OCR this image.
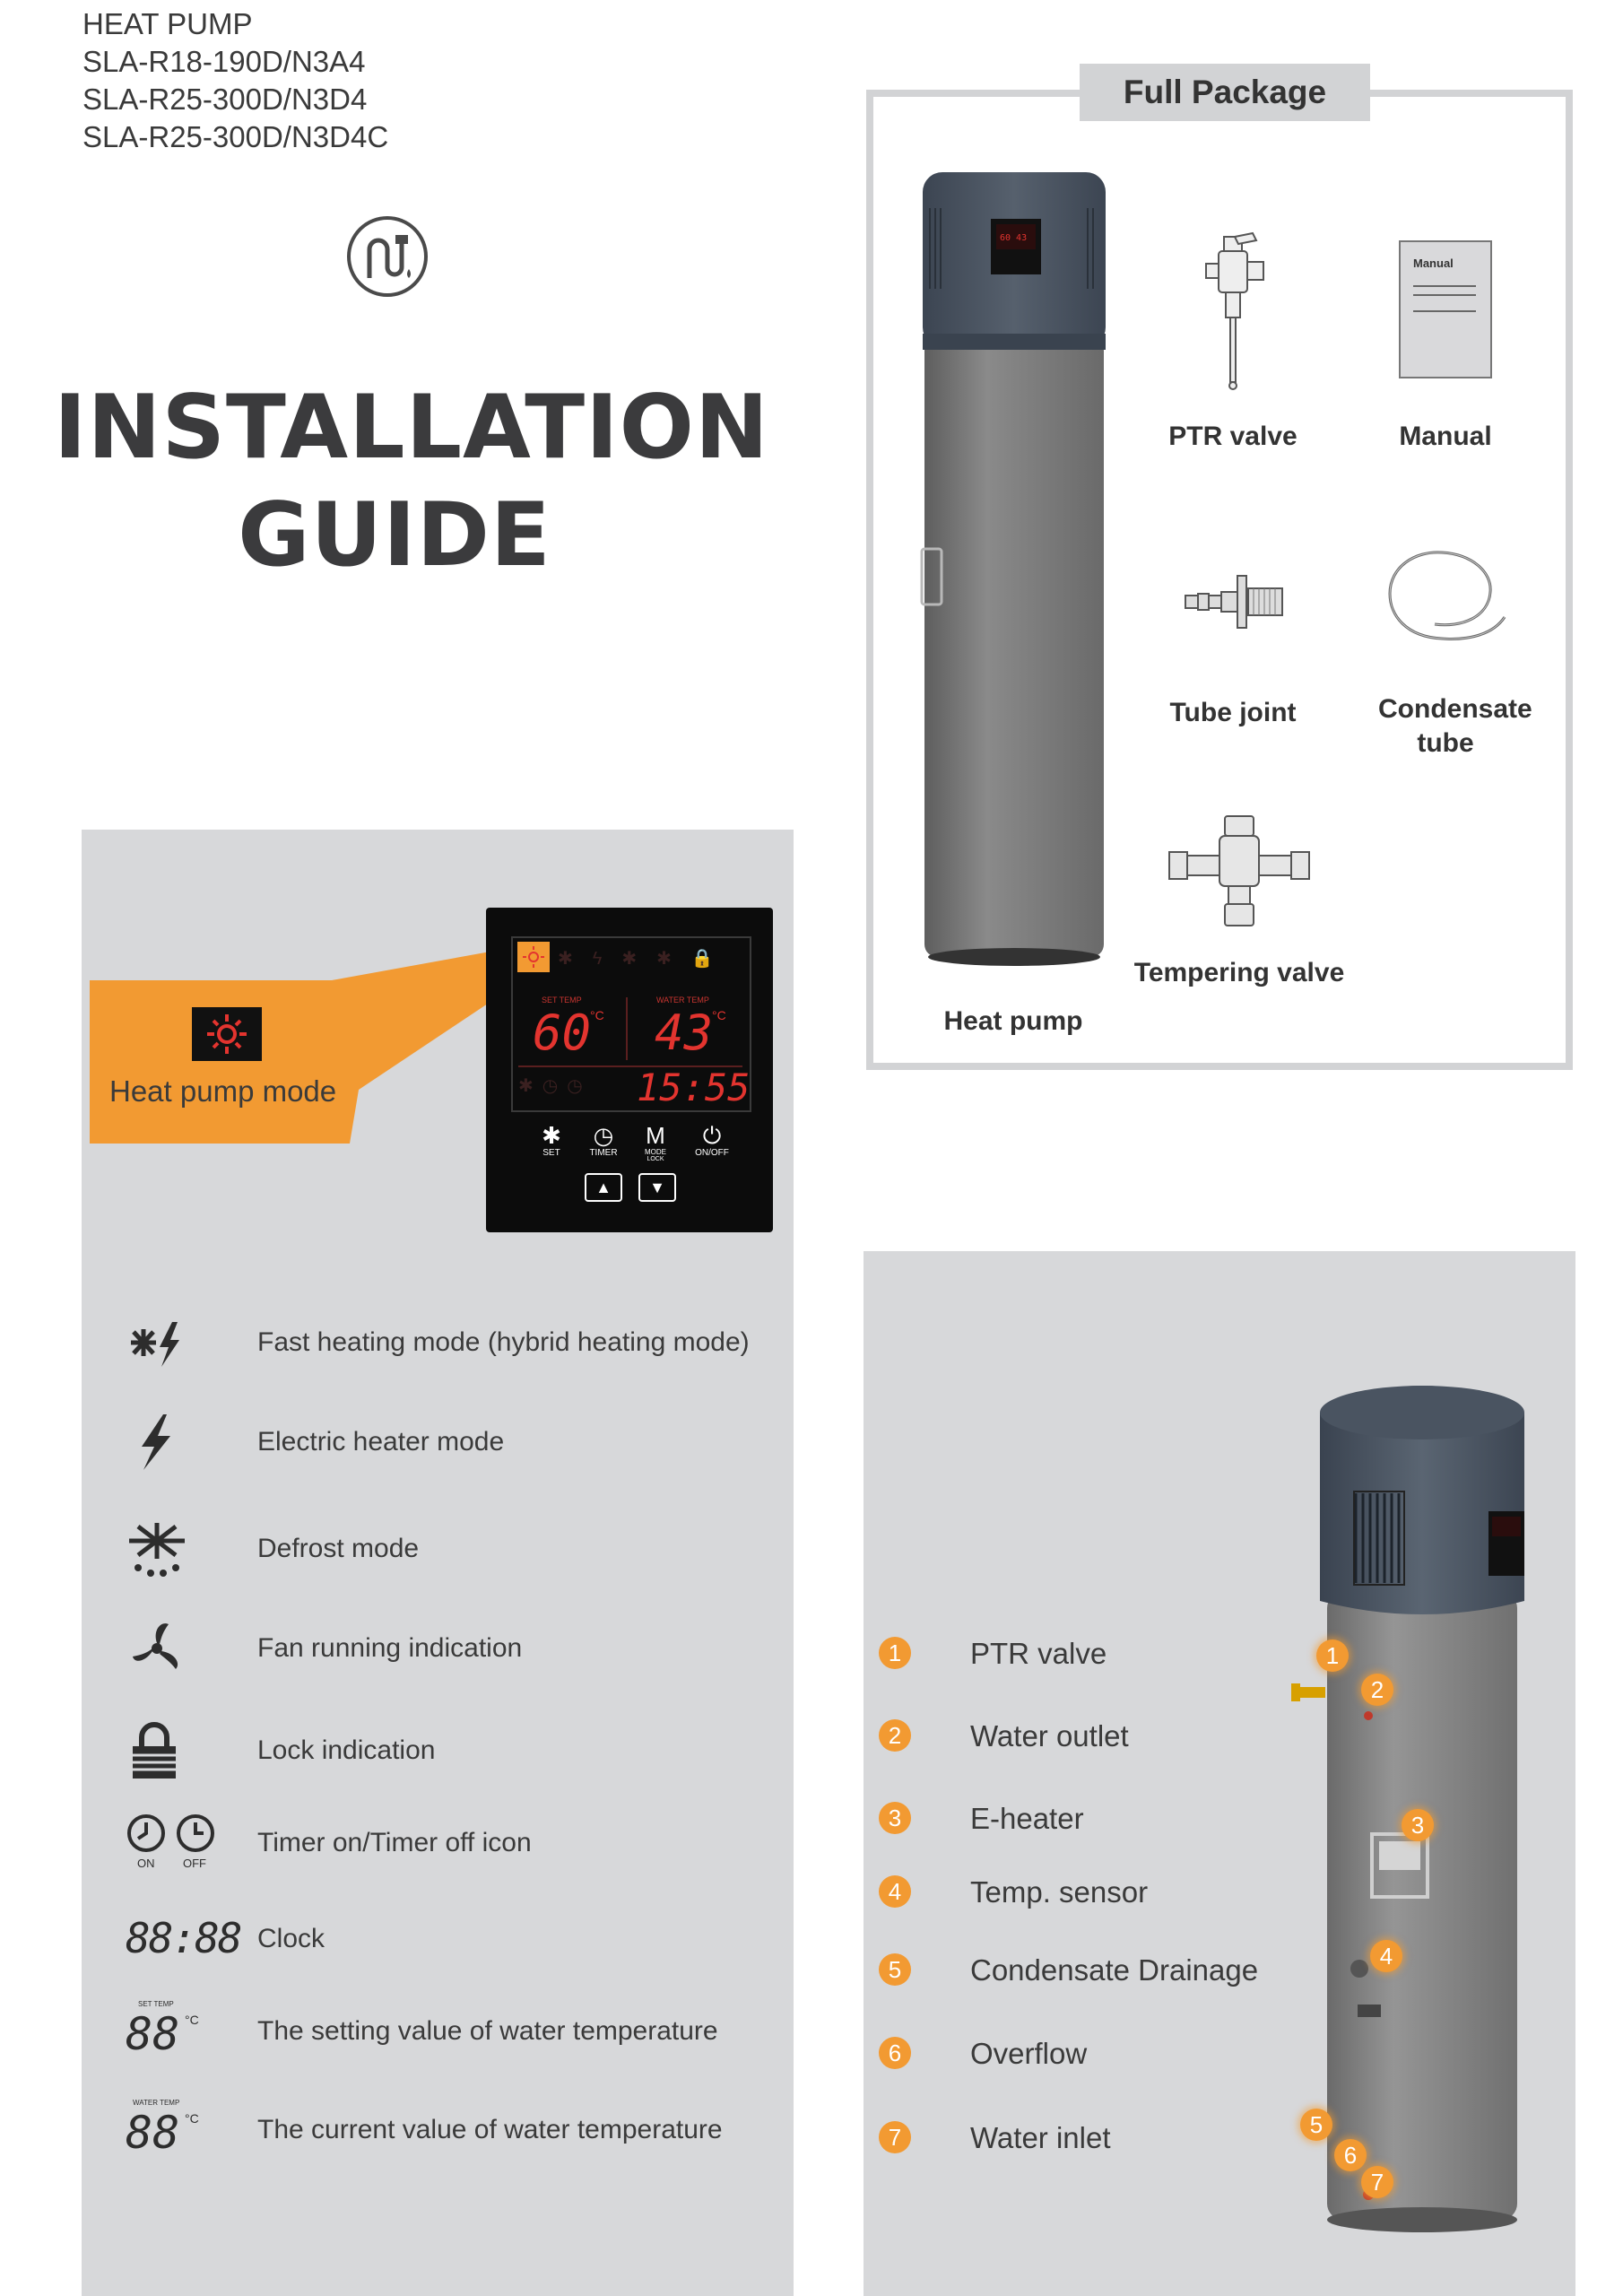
HEAT PUMP
SLA-R18-190D/N3A4
SLA-R25-300D/N3D4
SLA-R25-300D/N3D4C
INSTALLATION
GUIDE
Heat pump mode
✱ϟ✱✱🔒
SET TEMP	WATER TEMP
60
°C 43
°C
15:55
✱◷◷
✱
SET
◷
TIMER
M
MODE
LOCK
⏻
ON/OFF
▲	▼
Fast heating mode (hybrid heating mode)
Electric heater mode
Defrost mode
Fan running indication
Lock indication
ON OFF
Timer on/Timer off icon
88:88 Clock
SET TEMP
88 °C The setting value of water temperature
WATER TEMP
88 °C The current value of water temperature
Full Package
60 43
Heat pump
PTR valve
Manual
Manual
Tube joint	Condensate tube
Tempering valve
1	PTR valve
2	Water outlet
3	E-heater
4	Temp. sensor
5	Condensate Drainage
6	Overflow
7	Water inlet
1
2
3
4
5
6
7
